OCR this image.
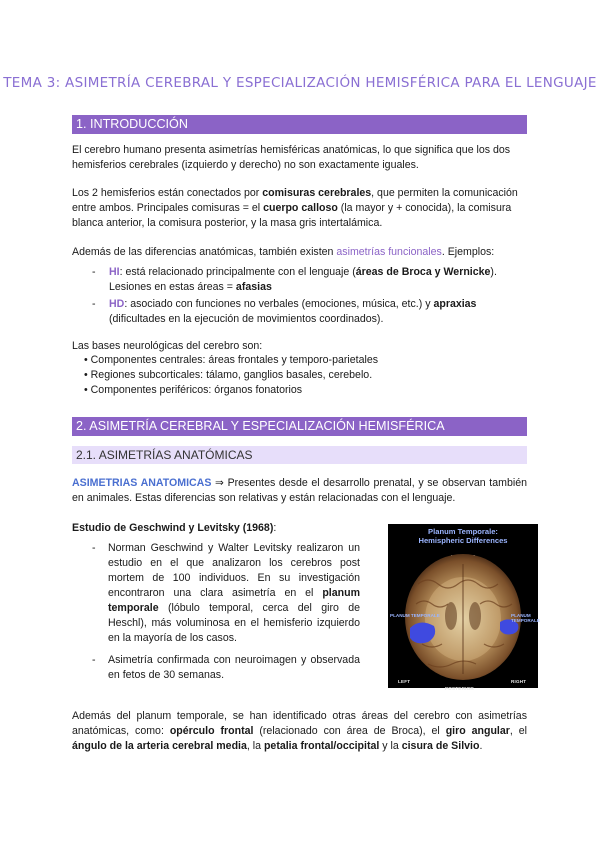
TEMA 3: ASIMETRÍA CEREBRAL Y ESPECIALIZACIÓN HEMISFÉRICA PARA EL LENGUAJE
1. INTRODUCCIÓN
El cerebro humano presenta asimetrías hemisféricas anatómicas, lo que significa que los dos hemisferios cerebrales (izquierdo y derecho) no son exactamente iguales.
Los 2 hemisferios están conectados por comisuras cerebrales, que permiten la comunicación entre ambos. Principales comisuras = el cuerpo calloso (la mayor y + conocida), la comisura blanca anterior, la comisura posterior, y la masa gris intertalámica.
Además de las diferencias anatómicas, también existen asimetrías funcionales. Ejemplos:
- HI: está relacionado principalmente con el lenguaje (áreas de Broca y Wernicke). Lesiones en estas áreas = afasias
- HD: asociado con funciones no verbales (emociones, música, etc.) y apraxias (dificultades en la ejecución de movimientos coordinados).
Las bases neurológicas del cerebro son:
• Componentes centrales: áreas frontales y temporo-parietales
• Regiones subcorticales: tálamo, ganglios basales, cerebelo.
• Componentes periféricos: órganos fonatorios
2. ASIMETRÍA CEREBRAL Y ESPECIALIZACIÓN HEMISFÉRICA
2.1. ASIMETRÍAS ANATÓMICAS
ASIMETRIAS ANATOMICAS ⇒ Presentes desde el desarrollo prenatal, y se observan también en animales. Estas diferencias son relativas y están relacionadas con el lenguaje.
Estudio de Geschwind y Levitsky (1968):
- Norman Geschwind y Walter Levitsky realizaron un estudio en el que analizaron los cerebros post mortem de 100 individuos. En su investigación encontraron una clara asimetría en el planum temporale (lóbulo temporal, cerca del giro de Heschl), más voluminosa en el hemisferio izquierdo en la mayoría de los casos.
- Asimetría confirmada con neuroimagen y observada en fetos de 30 semanas.
Planum Temporale:
Hemispheric Differences
PLANUM TEMPORALE	PLANUM TEMPORALE
LEFT	RIGHT
POSTERIOR
Además del planum temporale, se han identificado otras áreas del cerebro con asimetrías anatómicas, como: opérculo frontal (relacionado con área de Broca), el giro angular, el ángulo de la arteria cerebral media, la petalia frontal/occipital y la cisura de Silvio.
